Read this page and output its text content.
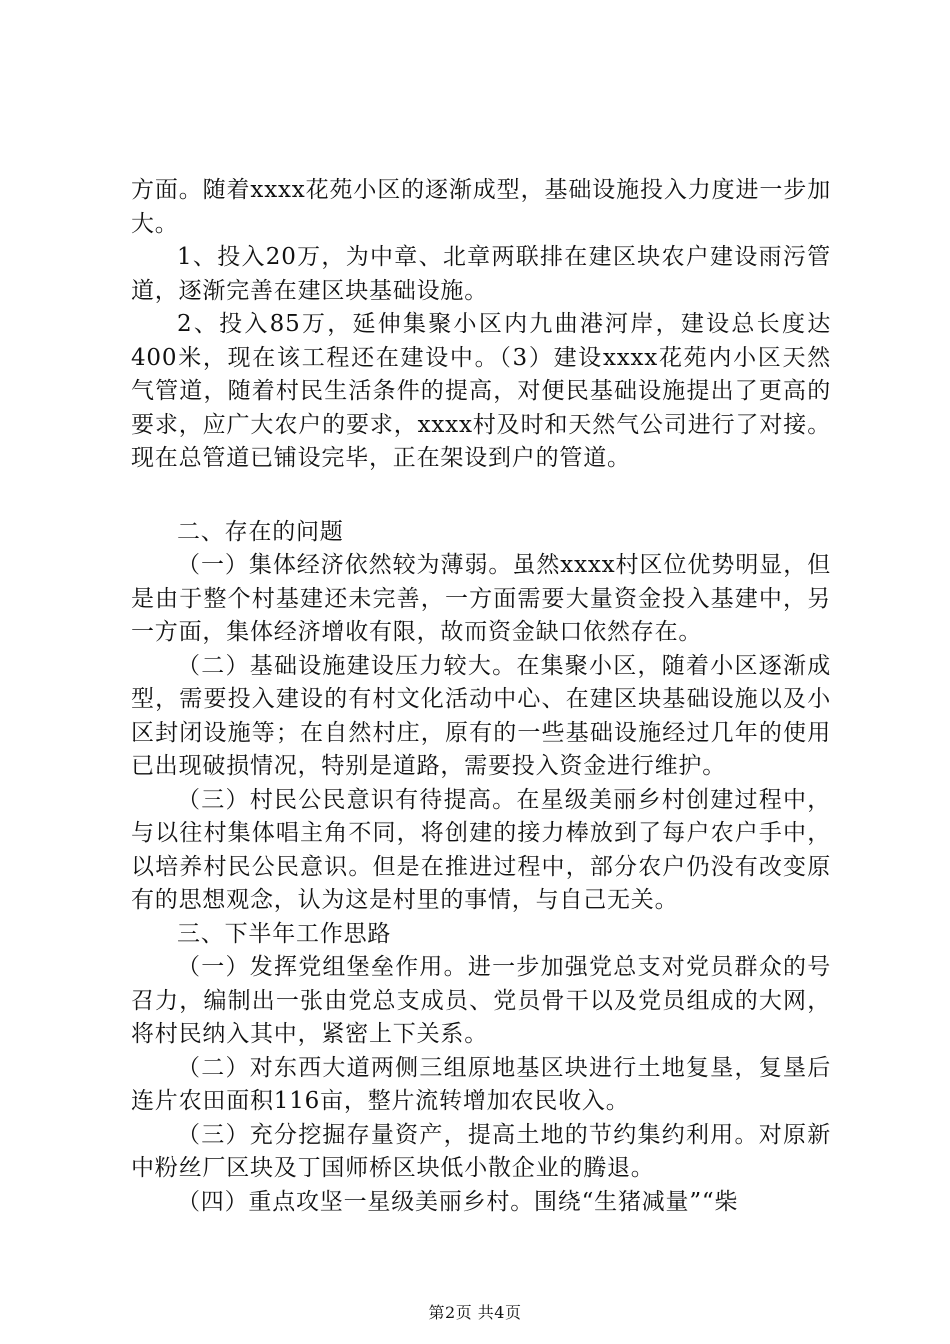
方面。随着xxxx花苑小区的逐渐成型，基础设施投入力度进一步加大。

1、投入20万，为中章、北章两联排在建区块农户建设雨污管道，逐渐完善在建区块基础设施。

2、投入85万，延伸集聚小区内九曲港河岸，建设总长度达400米，现在该工程还在建设中。（3）建设xxxx花苑内小区天然气管道，随着村民生活条件的提高，对便民基础设施提出了更高的要求，应广大农户的要求，xxxx村及时和天然气公司进行了对接。现在总管道已铺设完毕，正在架设到户的管道。

二、存在的问题

（一）集体经济依然较为薄弱。虽然xxxx村区位优势明显，但是由于整个村基建还未完善，一方面需要大量资金投入基建中，另一方面，集体经济增收有限，故而资金缺口依然存在。

（二）基础设施建设压力较大。在集聚小区，随着小区逐渐成型，需要投入建设的有村文化活动中心、在建区块基础设施以及小区封闭设施等；在自然村庄，原有的一些基础设施经过几年的使用已出现破损情况，特别是道路，需要投入资金进行维护。

（三）村民公民意识有待提高。在星级美丽乡村创建过程中，与以往村集体唱主角不同，将创建的接力棒放到了每户农户手中，以培养村民公民意识。但是在推进过程中，部分农户仍没有改变原有的思想观念，认为这是村里的事情，与自己无关。

三、下半年工作思路

（一）发挥党组堡垒作用。进一步加强党总支对党员群众的号召力，编制出一张由党总支成员、党员骨干以及党员组成的大网，将村民纳入其中，紧密上下关系。

（二）对东西大道两侧三组原地基区块进行土地复垦，复垦后连片农田面积116亩，整片流转增加农民收入。

（三）充分挖掘存量资产，提高土地的节约集约利用。对原新中粉丝厂区块及丁国师桥区块低小散企业的腾退。

（四）重点攻坚一星级美丽乡村。围绕“生猪减量”“柴

第2页 共4页
